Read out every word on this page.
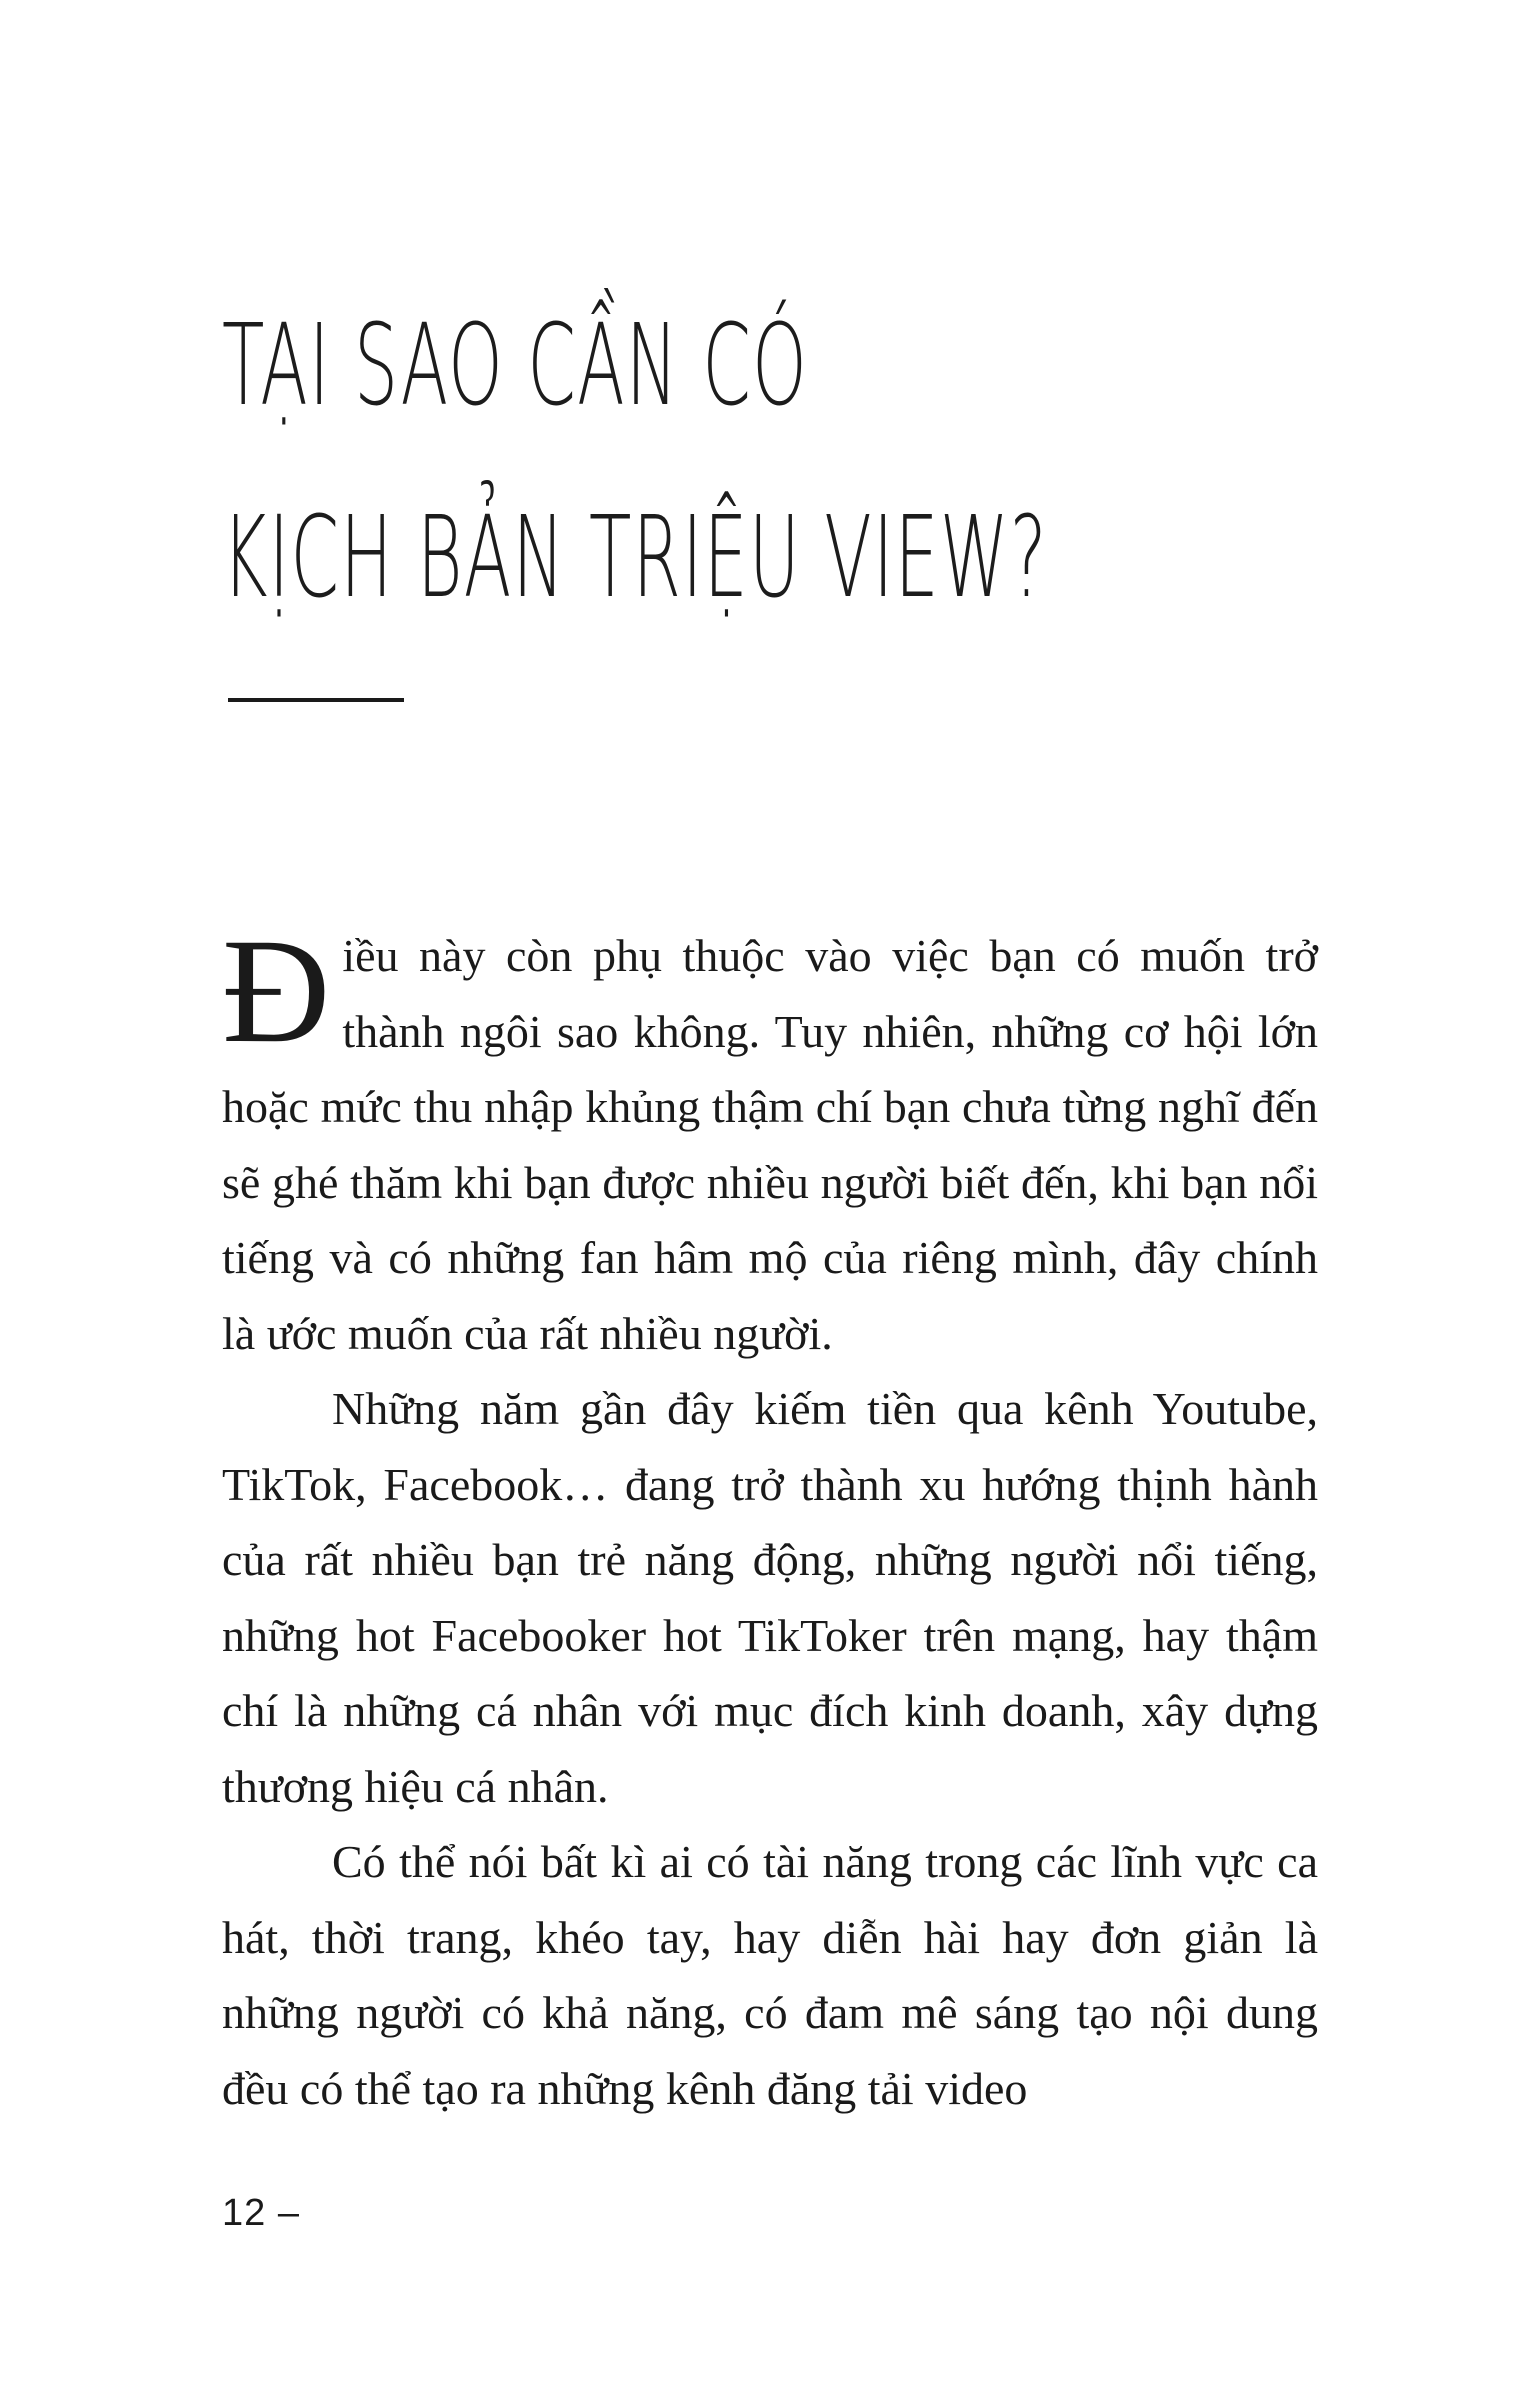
TẠI SAO CẦN CÓ
KỊCH BẢN TRIỆU VIEW?

Điều này còn phụ thuộc vào việc bạn có muốn trở thành ngôi sao không. Tuy nhiên, những cơ hội lớn hoặc mức thu nhập khủng thậm chí bạn chưa từng nghĩ đến sẽ ghé thăm khi bạn được nhiều người biết đến, khi bạn nổi tiếng và có những fan hâm mộ của riêng mình, đây chính là ước muốn của rất nhiều người.

Những năm gần đây kiếm tiền qua kênh Youtube, TikTok, Facebook… đang trở thành xu hướng thịnh hành của rất nhiều bạn trẻ năng động, những người nổi tiếng, những hot Facebooker hot TikToker trên mạng, hay thậm chí là những cá nhân với mục đích kinh doanh, xây dựng thương hiệu cá nhân.

Có thể nói bất kì ai có tài năng trong các lĩnh vực ca hát, thời trang, khéo tay, hay diễn hài hay đơn giản là những người có khả năng, có đam mê sáng tạo nội dung đều có thể tạo ra những kênh đăng tải video

12 –
